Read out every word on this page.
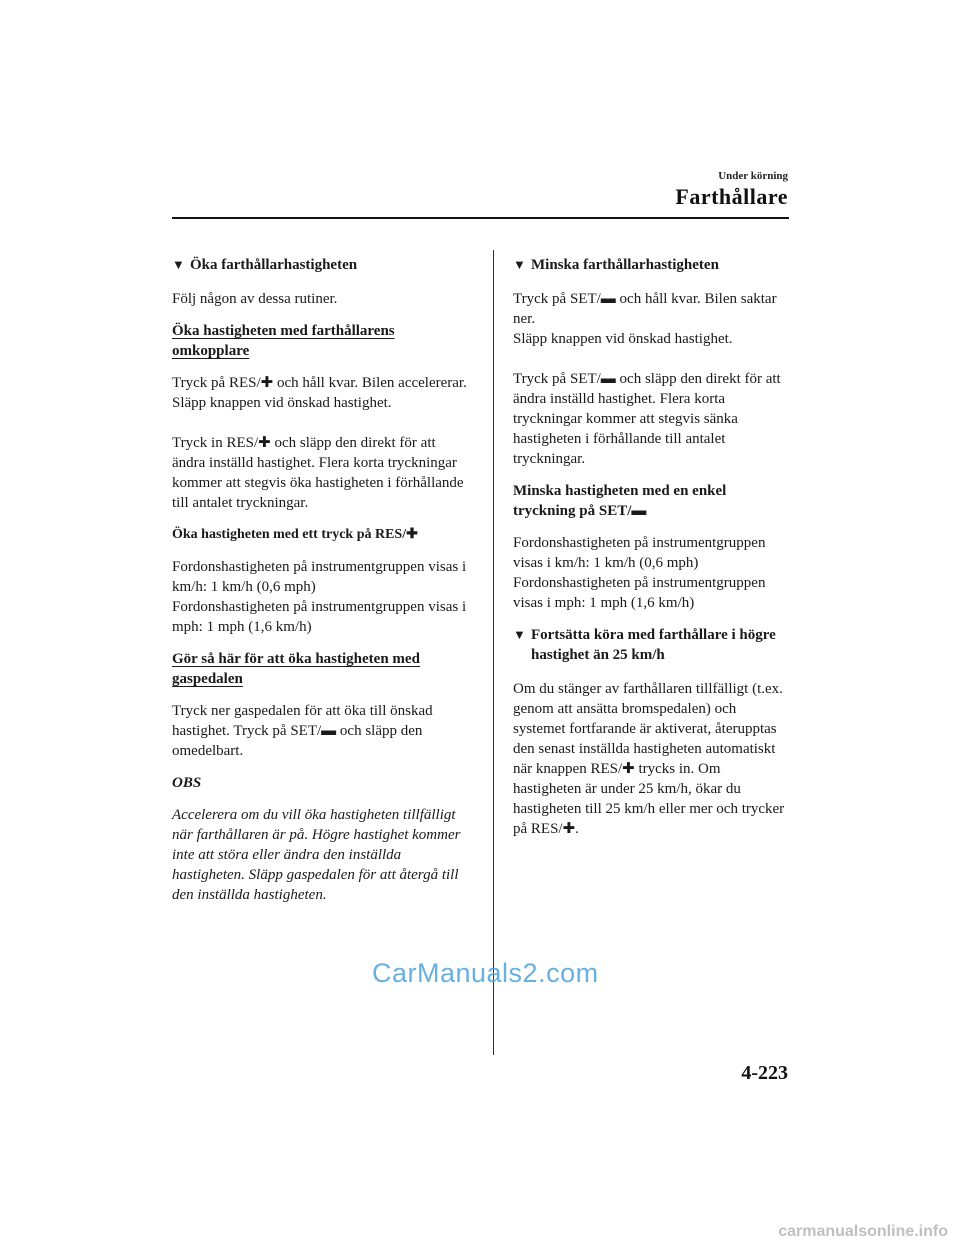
Under körning
Farthållare
▼ Öka farthållarhastigheten

Följ någon av dessa rutiner.

Öka hastigheten med farthållarens omkopplare

Tryck på RES/✚ och håll kvar. Bilen accelererar. Släpp knappen vid önskad hastighet.

Tryck in RES/✚ och släpp den direkt för att ändra inställd hastighet. Flera korta tryckningar kommer att stegvis öka hastigheten i förhållande till antalet tryckningar.

Öka hastigheten med ett tryck på RES/✚

Fordonshastigheten på instrumentgruppen visas i km/h: 1 km/h (0,6 mph)

Fordonshastigheten på instrumentgruppen visas i mph: 1 mph (1,6 km/h)

Gör så här för att öka hastigheten med gaspedalen

Tryck ner gaspedalen för att öka till önskad hastighet. Tryck på SET/▬ och släpp den omedelbart.

OBS

Accelerera om du vill öka hastigheten tillfälligt när farthållaren är på. Högre hastighet kommer inte att störa eller ändra den inställda hastigheten. Släpp gaspedalen för att återgå till den inställda hastigheten.

▼ Minska farthållarhastigheten

Tryck på SET/▬ och håll kvar. Bilen saktar ner.

Släpp knappen vid önskad hastighet.

Tryck på SET/▬ och släpp den direkt för att ändra inställd hastighet. Flera korta tryckningar kommer att stegvis sänka hastigheten i förhållande till antalet tryckningar.

Minska hastigheten med en enkel tryckning på SET/▬

Fordonshastigheten på instrumentgruppen visas i km/h: 1 km/h (0,6 mph)

Fordonshastigheten på instrumentgruppen visas i mph: 1 mph (1,6 km/h)

▼ Fortsätta köra med farthållare i högre hastighet än 25 km/h

Om du stänger av farthållaren tillfälligt (t.ex. genom att ansätta bromspedalen) och systemet fortfarande är aktiverat, återupptas den senast inställda hastigheten automatiskt när knappen RES/✚ trycks in. Om hastigheten är under 25 km/h, ökar du hastigheten till 25 km/h eller mer och trycker på RES/✚.

CarManuals2.com
4-223
carmanualsonline.info
